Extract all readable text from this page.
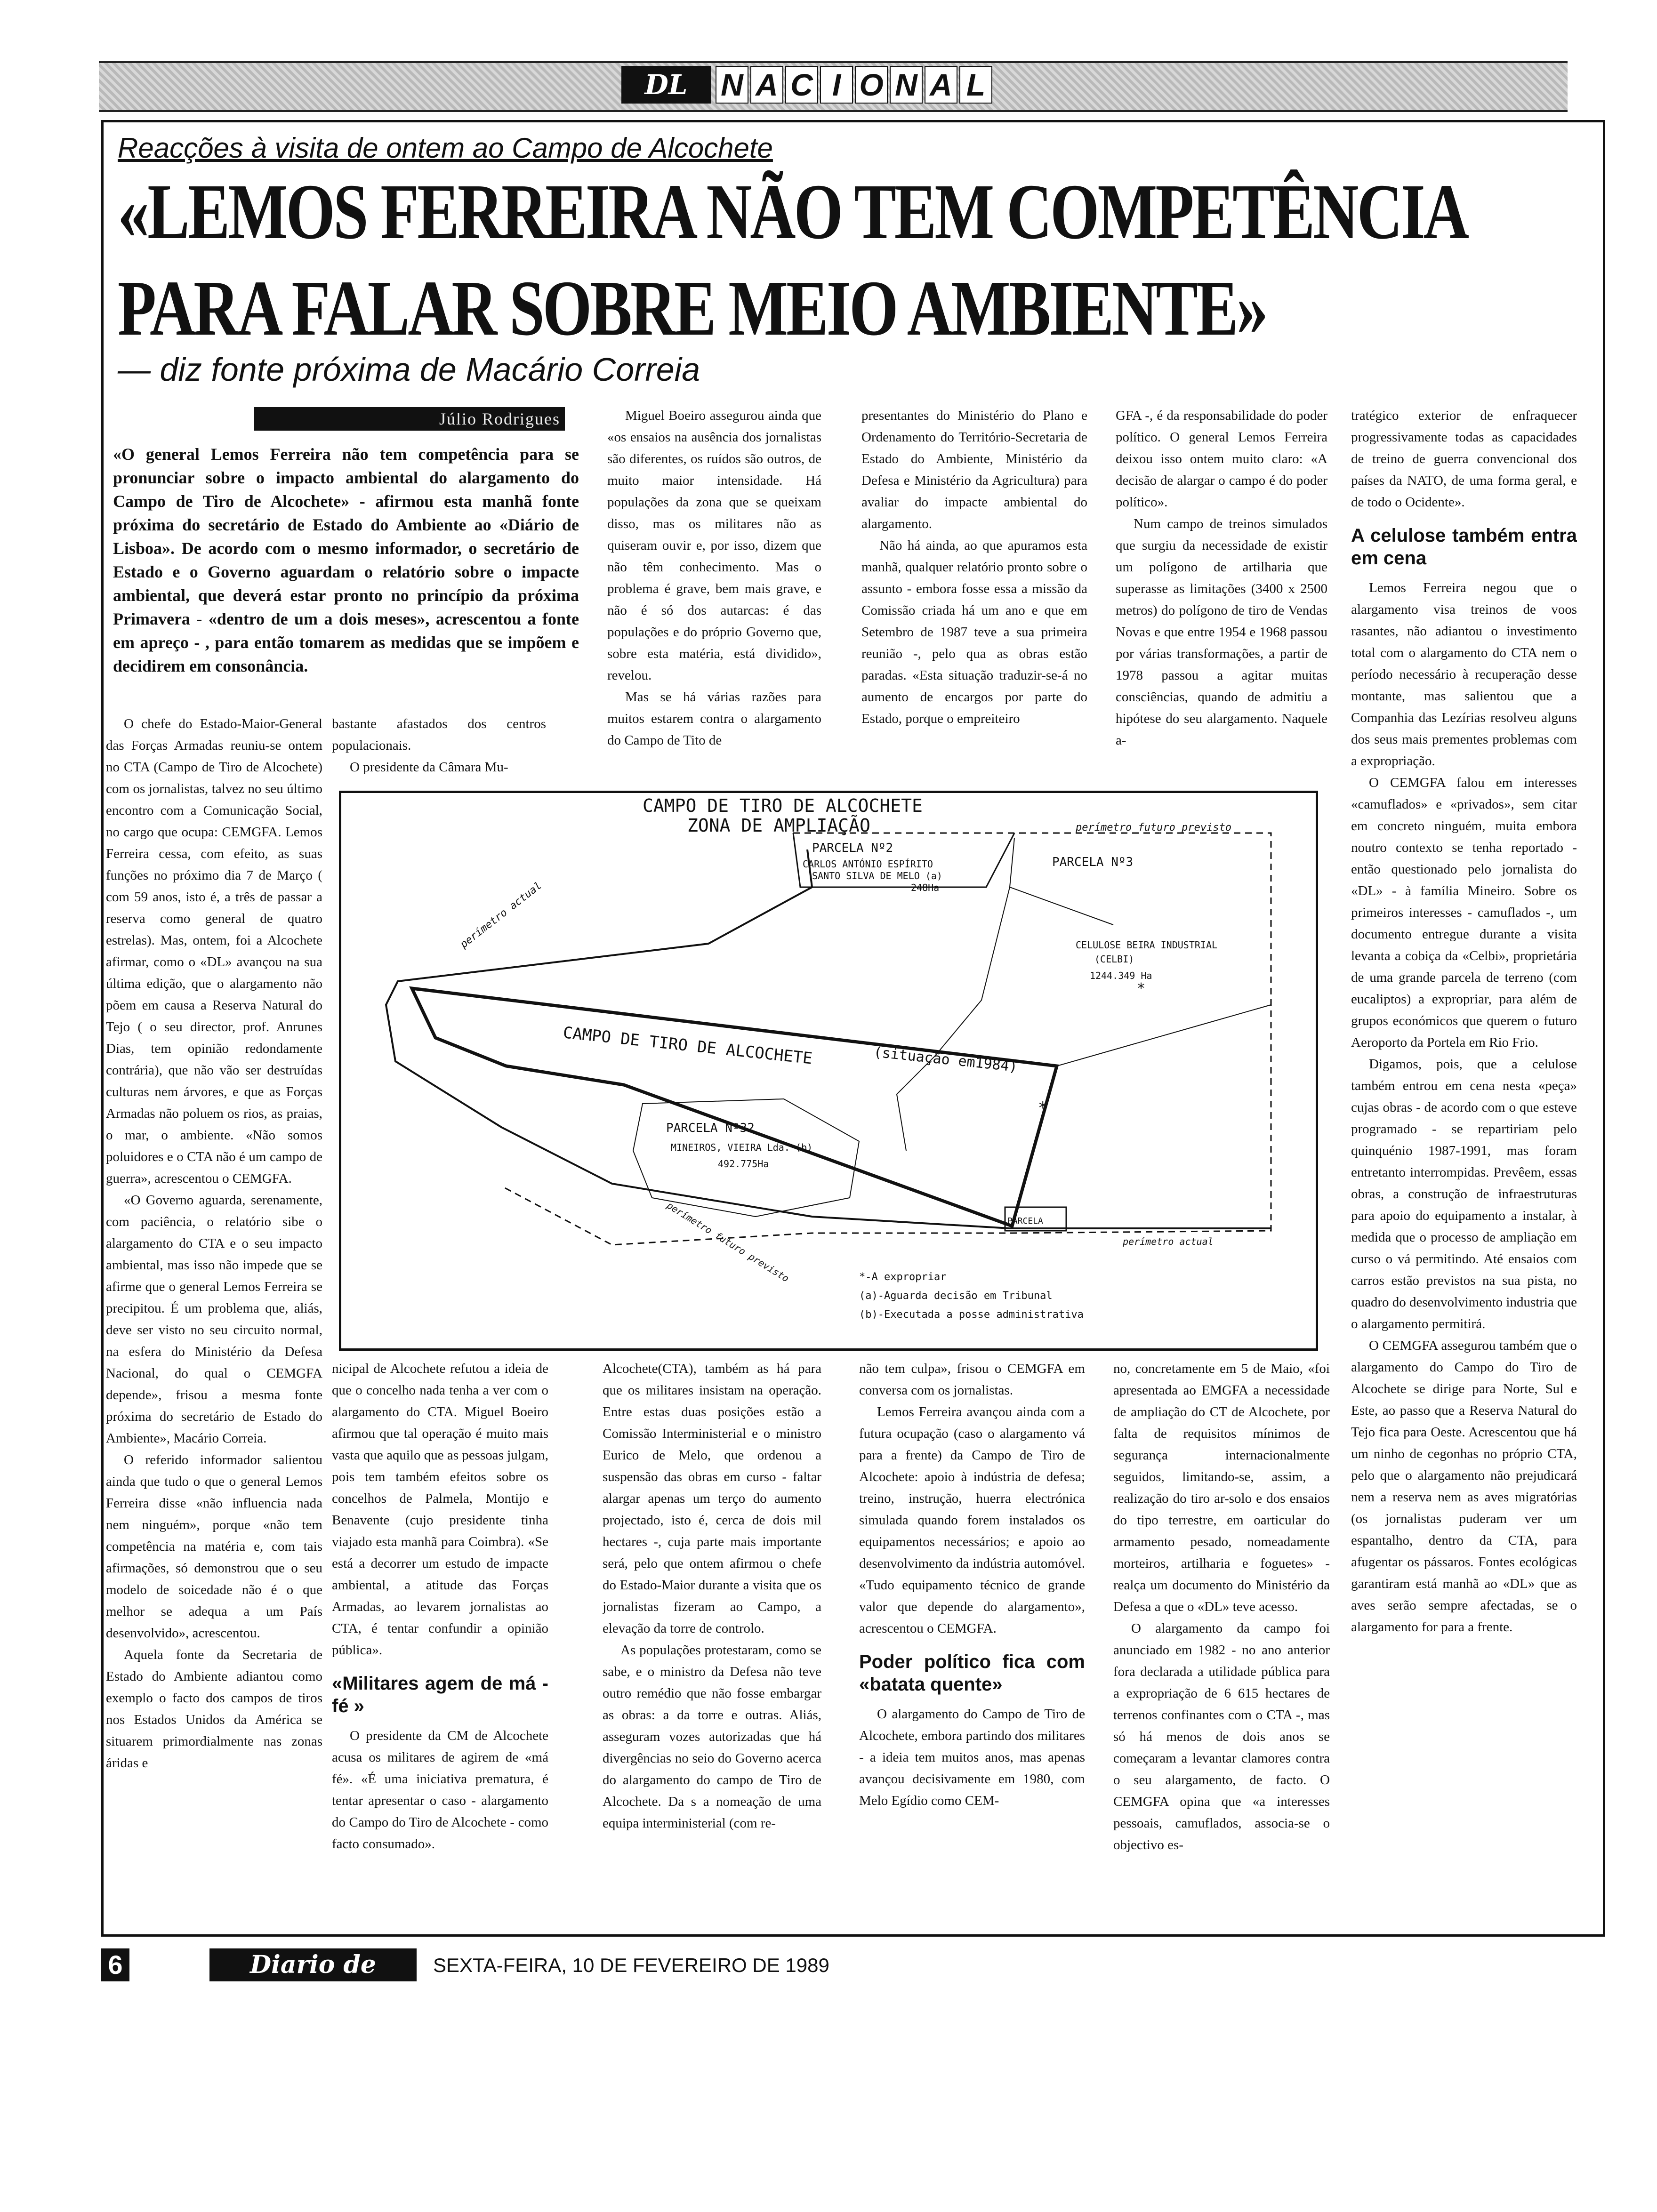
DL	N A C I O N A L
Reacções à visita de ontem ao Campo de Alcochete
«LEMOS FERREIRA NÃO TEM COMPETÊNCIA
PARA FALAR SOBRE MEIO AMBIENTE»
— diz fonte próxima de Macário Correia
Júlio Rodrigues
«O general Lemos Ferreira não tem competência para se pronunciar sobre o impacto ambiental do alargamento do Campo de Tiro de Alcochete» - afirmou esta manhã fonte próxima do secretário de Estado do Ambiente ao «Diário de Lisboa». De acordo com o mesmo informador, o secretário de Estado e o Governo aguardam o relatório sobre o impacte ambiental, que deverá estar pronto no princípio da próxima Primavera - «dentro de um a dois meses», acrescentou a fonte em apreço - , para então tomarem as medidas que se impõem e decidirem em consonância.

O chefe do Estado-Maior-General das Forças Armadas reuniu-se ontem no CTA (Campo de Tiro de Alcochete) com os jornalistas, talvez no seu último encontro com a Comunicação Social, no cargo que ocupa: CEMGFA. Lemos Ferreira cessa, com efeito, as suas funções no próximo dia 7 de Março ( com 59 anos, isto é, a três de passar a reserva como general de quatro estrelas). Mas, ontem, foi a Alcochete afirmar, como o «DL» avançou na sua última edição, que o alargamento não põem em causa a Reserva Natural do Tejo ( o seu director, prof. Anrunes Dias, tem opinião redondamente contrária), que não vão ser destruídas culturas nem árvores, e que as Forças Armadas não poluem os rios, as praias, o mar, o ambiente. «Não somos poluidores e o CTA não é um campo de guerra», acrescentou o CEMGFA.

«O Governo aguarda, serenamente, com paciência, o relatório sibe o alargamento do CTA e o seu impacto ambiental, mas isso não impede que se afirme que o general Lemos Ferreira se precipitou. É um problema que, aliás, deve ser visto no seu circuito normal, na esfera do Ministério da Defesa Nacional, do qual o CEMGFA depende», frisou a mesma fonte próxima do secretário de Estado do Ambiente», Macário Correia.

O referido informador salientou ainda que tudo o que o general Lemos Ferreira disse «não influencia nada nem ninguém», porque «não tem competência na matéria e, com tais afirmações, só demonstrou que o seu modelo de soicedade não é o que melhor se adequa a um País desenvolvido», acrescentou.

Aquela fonte da Secretaria de Estado do Ambiente adiantou como exemplo o facto dos campos de tiros nos Estados Unidos da América se situarem primordialmente nas zonas áridas e

bastante afastados dos centros populacionais.

O presidente da Câmara Mu-

nicipal de Alcochete refutou a ideia de que o concelho nada tenha a ver com o alargamento do CTA. Miguel Boeiro afirmou que tal operação é muito mais vasta que aquilo que as pessoas julgam, pois tem também efeitos sobre os concelhos de Palmela, Montijo e Benavente (cujo presidente tinha viajado esta manhã para Coimbra). «Se está a decorrer um estudo de impacte ambiental, a atitude das Forças Armadas, ao levarem jornalistas ao CTA, é tentar confundir a opinião pública».

«Militares agem de má - fé »

O presidente da CM de Alcochete acusa os militares de agirem de «má fé». «É uma iniciativa prematura, é tentar apresentar o caso - alargamento do Campo do Tiro de Alcochete - como facto consumado».

Miguel Boeiro assegurou ainda que «os ensaios na ausência dos jornalistas são diferentes, os ruídos são outros, de muito maior intensidade. Há populações da zona que se queixam disso, mas os militares não as quiseram ouvir e, por isso, dizem que não têm conhecimento. Mas o problema é grave, bem mais grave, e não é só dos autarcas: é das populações e do próprio Governo que, sobre esta matéria, está dividido», revelou.

Mas se há várias razões para muitos estarem contra o alargamento do Campo de Tito de

Alcochete(CTA), também as há para que os militares insistam na operação. Entre estas duas posições estão a Comissão Interministerial e o ministro Eurico de Melo, que ordenou a suspensão das obras em curso - faltar alargar apenas um terço do aumento projectado, isto é, cerca de dois mil hectares -, cuja parte mais importante será, pelo que ontem afirmou o chefe do Estado-Maior durante a visita que os jornalistas fizeram ao Campo, a elevação da torre de controlo.

As populações protestaram, como se sabe, e o ministro da Defesa não teve outro remédio que não fosse embargar as obras: a da torre e outras. Aliás, asseguram vozes autorizadas que há divergências no seio do Governo acerca do alargamento do campo de Tiro de Alcochete. Da s a nomeação de uma equipa interministerial (com re-

presentantes do Ministério do Plano e Ordenamento do Território-Secretaria de Estado do Ambiente, Ministério da Defesa e Ministério da Agricultura) para avaliar do impacte ambiental do alargamento.

Não há ainda, ao que apuramos esta manhã, qualquer relatório pronto sobre o assunto - embora fosse essa a missão da Comissão criada há um ano e que em Setembro de 1987 teve a sua primeira reunião -, pelo qua as obras estão paradas. «Esta situação traduzir-se-á no aumento de encargos por parte do Estado, porque o empreiteiro

não tem culpa», frisou o CEMGFA em conversa com os jornalistas.

Lemos Ferreira avançou ainda com a futura ocupação (caso o alargamento vá para a frente) da Campo de Tiro de Alcochete: apoio à indústria de defesa; treino, instrução, huerra electrónica simulada quando forem instalados os equipamentos necessários; e apoio ao desenvolvimento da indústria automóvel. «Tudo equipamento técnico de grande valor que depende do alargamento», acrescentou o CEMGFA.

Poder político fica com «batata quente»

O alargamento do Campo de Tiro de Alcochete, embora partindo dos militares - a ideia tem muitos anos, mas apenas avançou decisivamente em 1980, com Melo Egídio como CEM-

GFA -, é da responsabilidade do poder político. O general Lemos Ferreira deixou isso ontem muito claro: «A decisão de alargar o campo é do poder político».

Num campo de treinos simulados que surgiu da necessidade de existir um polígono de artilharia que superasse as limitações (3400 x 2500 metros) do polígono de tiro de Vendas Novas e que entre 1954 e 1968 passou por várias transformações, a partir de 1978 passou a agitar muitas consciências, quando de admitiu a hipótese do seu alargamento. Naquele a-

no, concretamente em 5 de Maio, «foi apresentada ao EMGFA a necessidade de ampliação do CT de Alcochete, por falta de requisitos mínimos de segurança internacionalmente seguidos, limitando-se, assim, a realização do tiro ar-solo e dos ensaios do tipo terrestre, em oarticular do armamento pesado, nomeadamente morteiros, artilharia e foguetes» - realça um documento do Ministério da Defesa a que o «DL» teve acesso.

O alargamento da campo foi anunciado em 1982 - no ano anterior fora declarada a utilidade pública para a expropriação de 6 615 hectares de terrenos confinantes com o CTA -, mas só há menos de dois anos se começaram a levantar clamores contra o seu alargamento, de facto. O CEMGFA opina que «a interesses pessoais, camuflados, associa-se o objectivo es-

tratégico exterior de enfraquecer progressivamente todas as capacidades de treino de guerra convencional dos países da NATO, de uma forma geral, e de todo o Ocidente».

A celulose também entra em cena

Lemos Ferreira negou que o alargamento visa treinos de voos rasantes, não adiantou o investimento total com o alargamento do CTA nem o período necessário à recuperação desse montante, mas salientou que a Companhia das Lezírias resolveu alguns dos seus mais prementes problemas com a expropriação.

O CEMGFA falou em interesses «camuflados» e «privados», sem citar em concreto ninguém, muita embora noutro contexto se tenha reportado - então questionado pelo jornalista do «DL» - à família Mineiro. Sobre os primeiros interesses - camuflados -, um documento entregue durante a visita levanta a cobiça da «Celbi», proprietária de uma grande parcela de terreno (com eucaliptos) a expropriar, para além de grupos económicos que querem o futuro Aeroporto da Portela em Rio Frio.

Digamos, pois, que a celulose também entrou em cena nesta «peça» cujas obras - de acordo com o que esteve programado - se repartiriam pelo quinquénio 1987-1991, mas foram entretanto interrompidas. Prevêem, essas obras, a construção de infraestruturas para apoio do equipamento a instalar, à medida que o processo de ampliação em curso o vá permitindo. Até ensaios com carros estão previstos na sua pista, no quadro do desenvolvimento industria que o alargamento permitirá.

O CEMGFA assegurou também que o alargamento do Campo do Tiro de Alcochete se dirige para Norte, Sul e Este, ao passo que a Reserva Natural do Tejo fica para Oeste. Acrescentou que há um ninho de cegonhas no próprio CTA, pelo que o alargamento não prejudicará nem a reserva nem as aves migratórias (os jornalistas puderam ver um espantalho, dentro da CTA, para afugentar os pássaros. Fontes ecológicas garantiram está manhã ao «DL» que as aves serão sempre afectadas, se o alargamento for para a frente.

CAMPO DE TIRO DE ALCOCHETE
ZONA DE AMPLIAÇÃO	perímetro futuro previsto
perímetro actual
PARCELA Nº2
CARLOS ANTÓNIO ESPÍRITO
SANTO SILVA DE MELO (a)
248Ha
PARCELA Nº3
CELULOSE BEIRA INDUSTRIAL
(CELBI)
1244.349 Ha
CAMPO DE TIRO DE ALCOCHETE	(situação em1984)
PARCELA Nº32
MINEIROS, VIEIRA Lda. (b)
492.775Ha
perímetro futuro previsto	perímetro actual
PARCELA
*
*
*-A expropriar
(a)-Aguarda decisão em Tribunal
(b)-Executada a posse administrativa
6	Diario de Lisboa
SEXTA-FEIRA, 10 DE FEVEREIRO DE 1989
